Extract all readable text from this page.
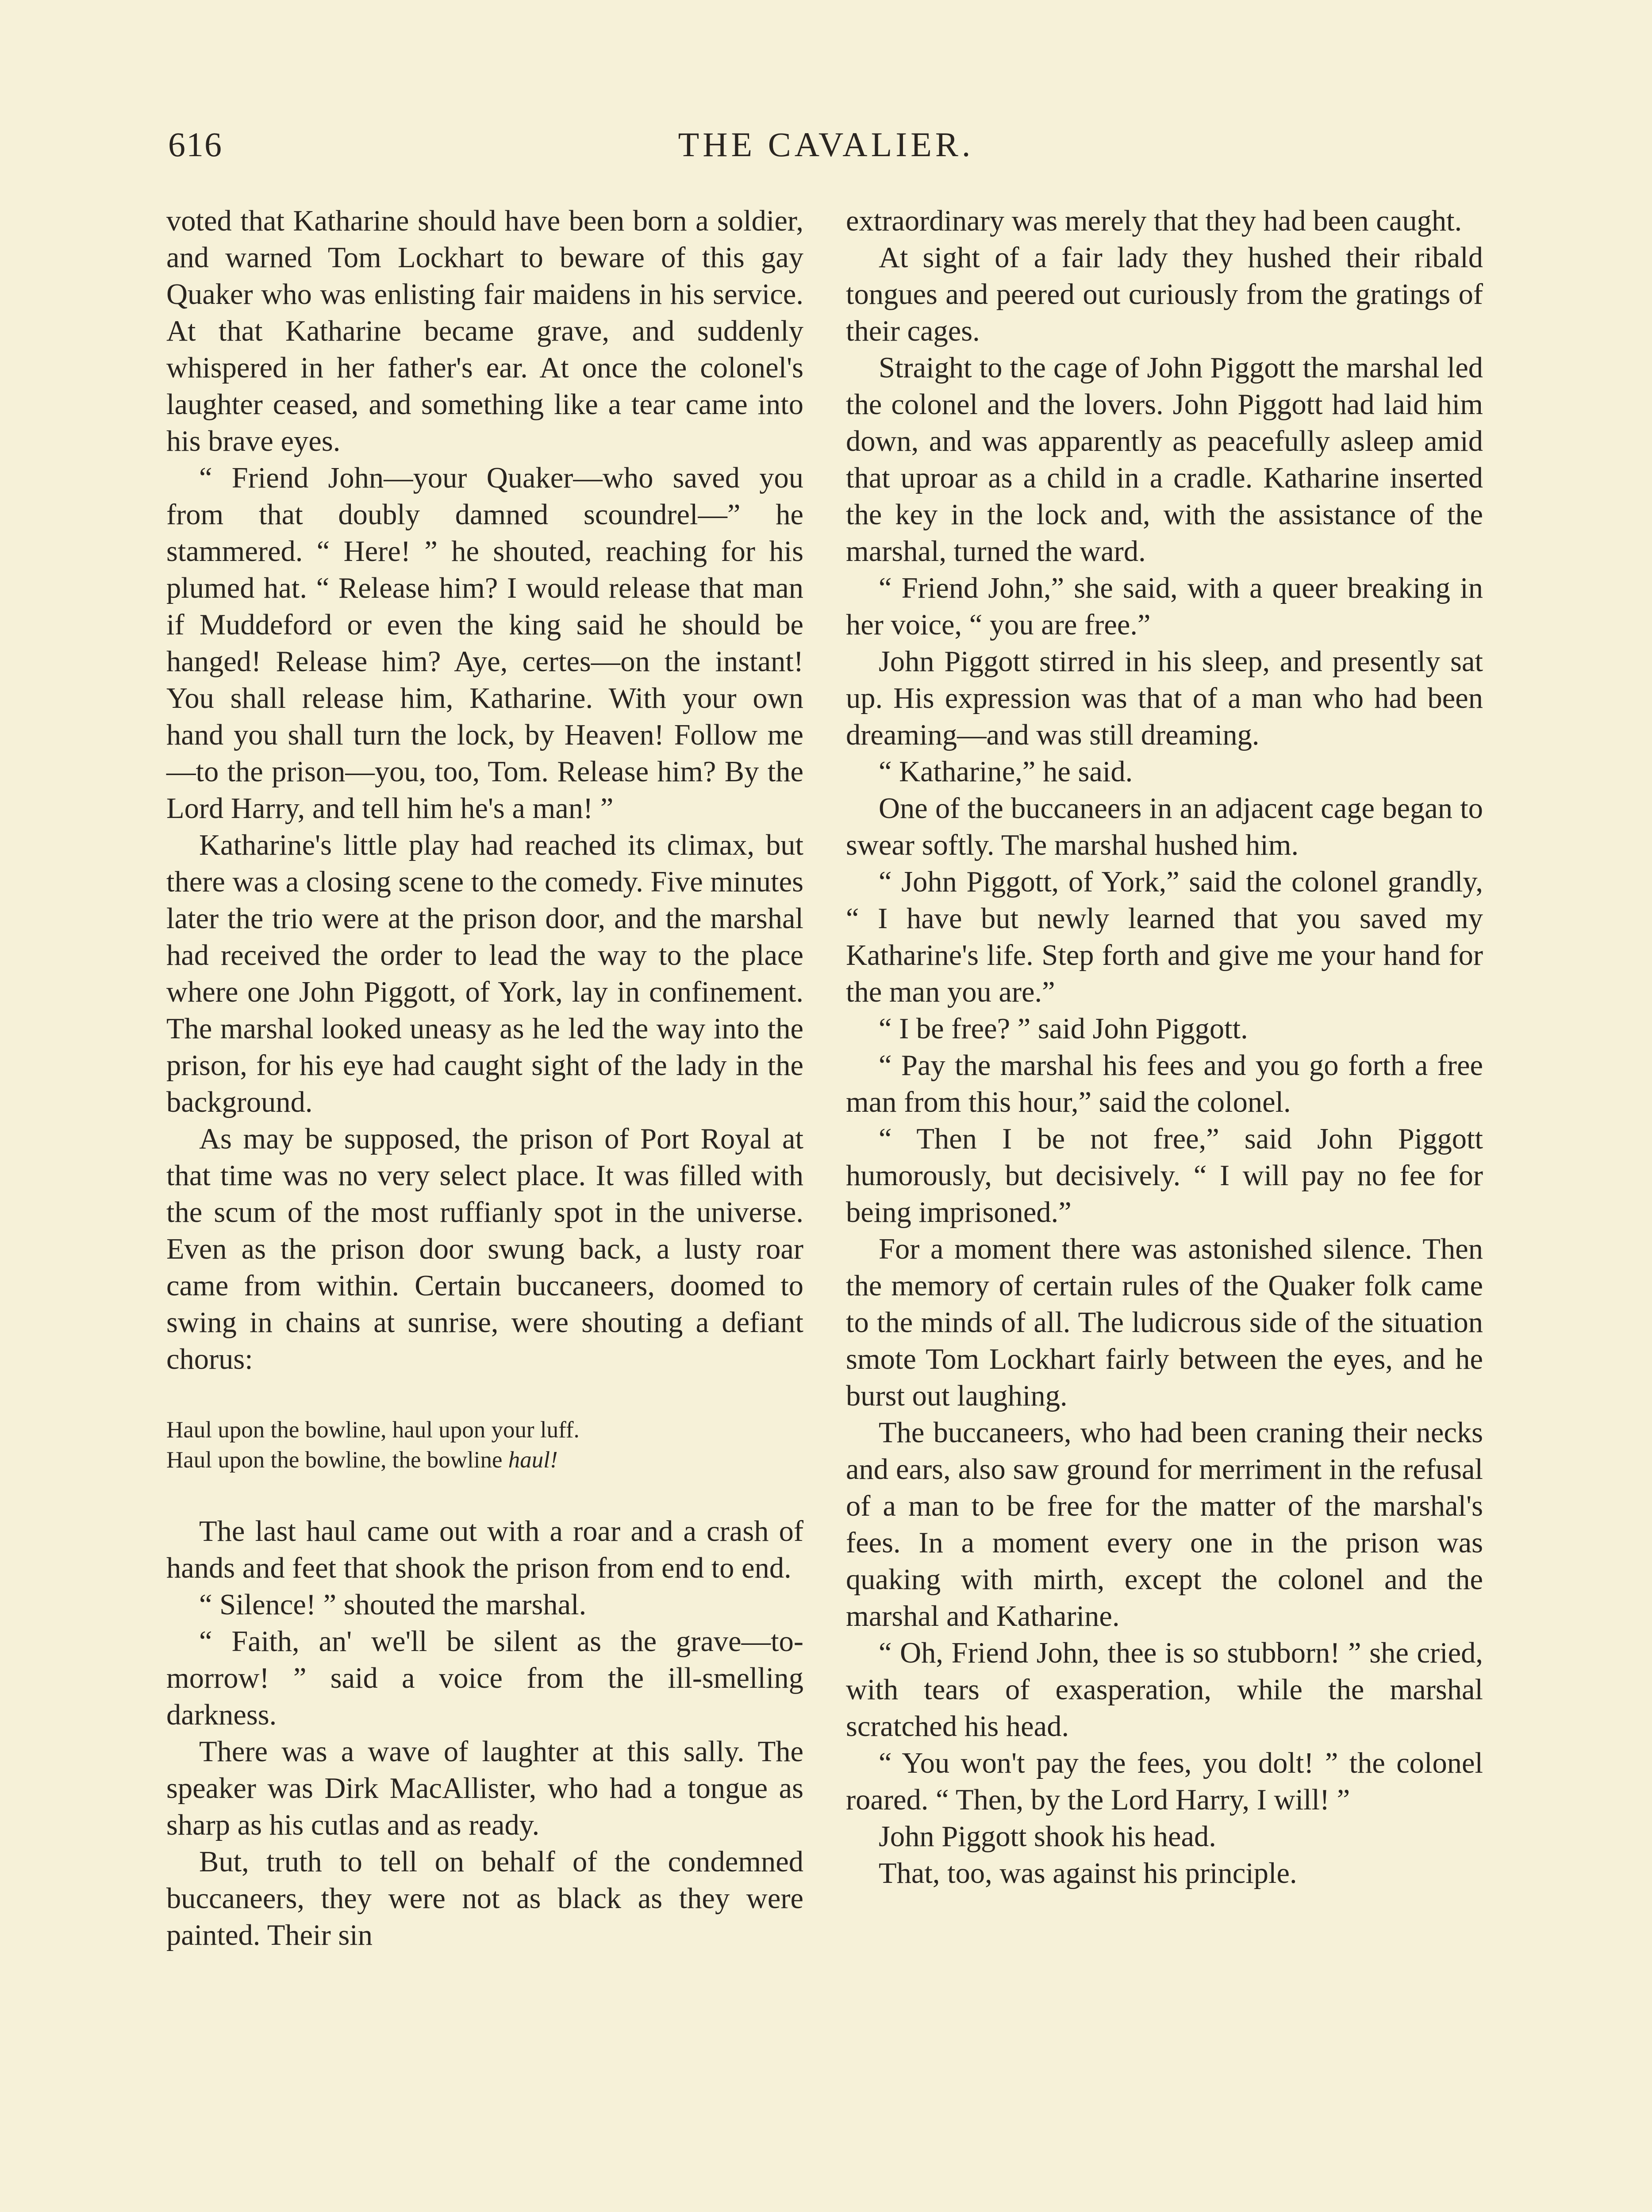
616	THE CAVALIER.

voted that Katharine should have been born a soldier, and warned Tom Lockhart to beware of this gay Quaker who was enlisting fair maidens in his service. At that Katharine became grave, and suddenly whispered in her father's ear. At once the colonel's laughter ceased, and something like a tear came into his brave eyes.

“ Friend John—your Quaker—who saved you from that doubly damned scoundrel—” he stammered. “ Here! ” he shouted, reaching for his plumed hat. “ Release him? I would release that man if Muddeford or even the king said he should be hanged! Release him? Aye, certes—on the instant! You shall release him, Katharine. With your own hand you shall turn the lock, by Heaven! Follow me—to the prison—you, too, Tom. Release him? By the Lord Harry, and tell him he's a man! ”

Katharine's little play had reached its climax, but there was a closing scene to the comedy. Five minutes later the trio were at the prison door, and the marshal had received the order to lead the way to the place where one John Piggott, of York, lay in confinement. The marshal looked uneasy as he led the way into the prison, for his eye had caught sight of the lady in the background.

As may be supposed, the prison of Port Royal at that time was no very select place. It was filled with the scum of the most ruffianly spot in the universe. Even as the prison door swung back, a lusty roar came from within. Certain buccaneers, doomed to swing in chains at sunrise, were shouting a defiant chorus:

Haul upon the bowline, haul upon your luff.
Haul upon the bowline, the bowline haul!

The last haul came out with a roar and a crash of hands and feet that shook the prison from end to end.

“ Silence! ” shouted the marshal.

“ Faith, an' we'll be silent as the grave—to-morrow! ” said a voice from the ill-smelling darkness.

There was a wave of laughter at this sally. The speaker was Dirk MacAllister, who had a tongue as sharp as his cutlas and as ready.

But, truth to tell on behalf of the condemned buccaneers, they were not as black as they were painted. Their sin

extraordinary was merely that they had been caught.

At sight of a fair lady they hushed their ribald tongues and peered out curiously from the gratings of their cages.

Straight to the cage of John Piggott the marshal led the colonel and the lovers. John Piggott had laid him down, and was apparently as peacefully asleep amid that uproar as a child in a cradle. Katharine inserted the key in the lock and, with the assistance of the marshal, turned the ward.

“ Friend John,” she said, with a queer breaking in her voice, “ you are free.”

John Piggott stirred in his sleep, and presently sat up. His expression was that of a man who had been dreaming—and was still dreaming.

“ Katharine,” he said.

One of the buccaneers in an adjacent cage began to swear softly. The marshal hushed him.

“ John Piggott, of York,” said the colonel grandly, “ I have but newly learned that you saved my Katharine's life. Step forth and give me your hand for the man you are.”

“ I be free? ” said John Piggott.

“ Pay the marshal his fees and you go forth a free man from this hour,” said the colonel.

“ Then I be not free,” said John Piggott humorously, but decisively. “ I will pay no fee for being imprisoned.”

For a moment there was astonished silence. Then the memory of certain rules of the Quaker folk came to the minds of all. The ludicrous side of the situation smote Tom Lockhart fairly between the eyes, and he burst out laughing.

The buccaneers, who had been craning their necks and ears, also saw ground for merriment in the refusal of a man to be free for the matter of the marshal's fees. In a moment every one in the prison was quaking with mirth, except the colonel and the marshal and Katharine.

“ Oh, Friend John, thee is so stubborn! ” she cried, with tears of exasperation, while the marshal scratched his head.

“ You won't pay the fees, you dolt! ” the colonel roared. “ Then, by the Lord Harry, I will! ”

John Piggott shook his head.

That, too, was against his principle.
